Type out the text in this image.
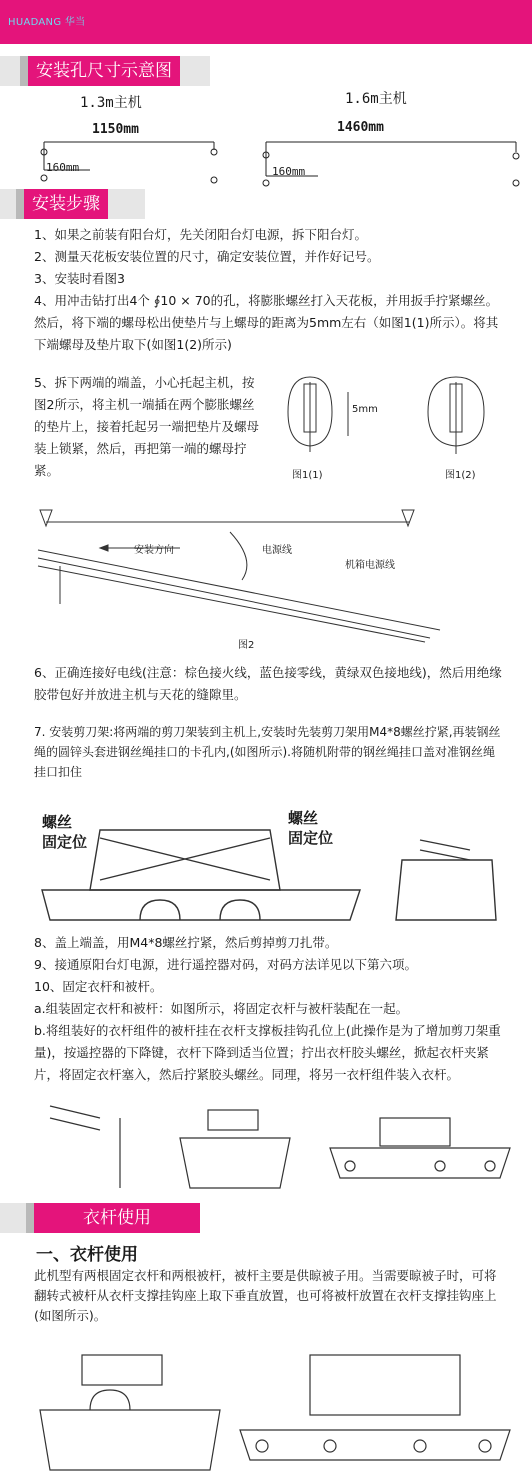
HUADANG 华当
安装孔尺寸示意图
1.3m主机
1150mm
160mm
1.6m主机
1460mm
160mm
安装步骤

1、如果之前装有阳台灯，先关闭阳台灯电源，拆下阳台灯。

2、测量天花板安装位置的尺寸，确定安装位置，并作好记号。

3、安装时看图3

4、用冲击钻打出4个 ∮10 × 70的孔，将膨胀螺丝打入天花板，并用扳手拧紧螺丝。然后，将下端的螺母松出使垫片与上螺母的距离为5mm左右（如图1(1)所示）。将其下端螺母及垫片取下(如图1(2)所示)

5、拆下两端的端盖，小心托起主机，按图2所示，将主机一端插在两个膨胀螺丝的垫片上，接着托起另一端把垫片及螺母装上锁紧，然后，再把第一端的螺母拧紧。
5mm
图1(1)	图1(2)
安装方向	电源线
机箱电源线
图2
6、正确连接好电线(注意：棕色接火线，蓝色接零线，黄绿双色接地线)，然后用绝缘胶带包好并放进主机与天花的缝隙里。
7. 安装剪刀架:将两端的剪刀架装到主机上,安装时先装剪刀架用M4*8螺丝拧紧,再装钢丝绳的圆锌头套进钢丝绳挂口的卡孔内,(如图所示).将随机附带的钢丝绳挂口盖对准钢丝绳挂口扣住
螺丝
固定位
螺丝
固定位

8、盖上端盖，用M4*8螺丝拧紧，然后剪掉剪刀扎带。

9、接通原阳台灯电源，进行遥控器对码，对码方法详见以下第六项。

10、固定衣杆和被杆。

a.组装固定衣杆和被杆：如图所示，将固定衣杆与被杆装配在一起。

b.将组装好的衣杆组件的被杆挂在衣杆支撑板挂钩孔位上(此操作是为了增加剪刀架重量)，按遥控器的下降键，衣杆下降到适当位置；拧出衣杆胶头螺丝，掀起衣杆夹紧片，将固定衣杆塞入，然后拧紧胶头螺丝。同理，将另一衣杆组件装入衣杆。

衣杆使用
一、衣杆使用
此机型有两根固定衣杆和两根被杆，被杆主要是供晾被子用。当需要晾被子时，可将翻转式被杆从衣杆支撑挂钩座上取下垂直放置，也可将被杆放置在衣杆支撑挂钩座上(如图所示)。
